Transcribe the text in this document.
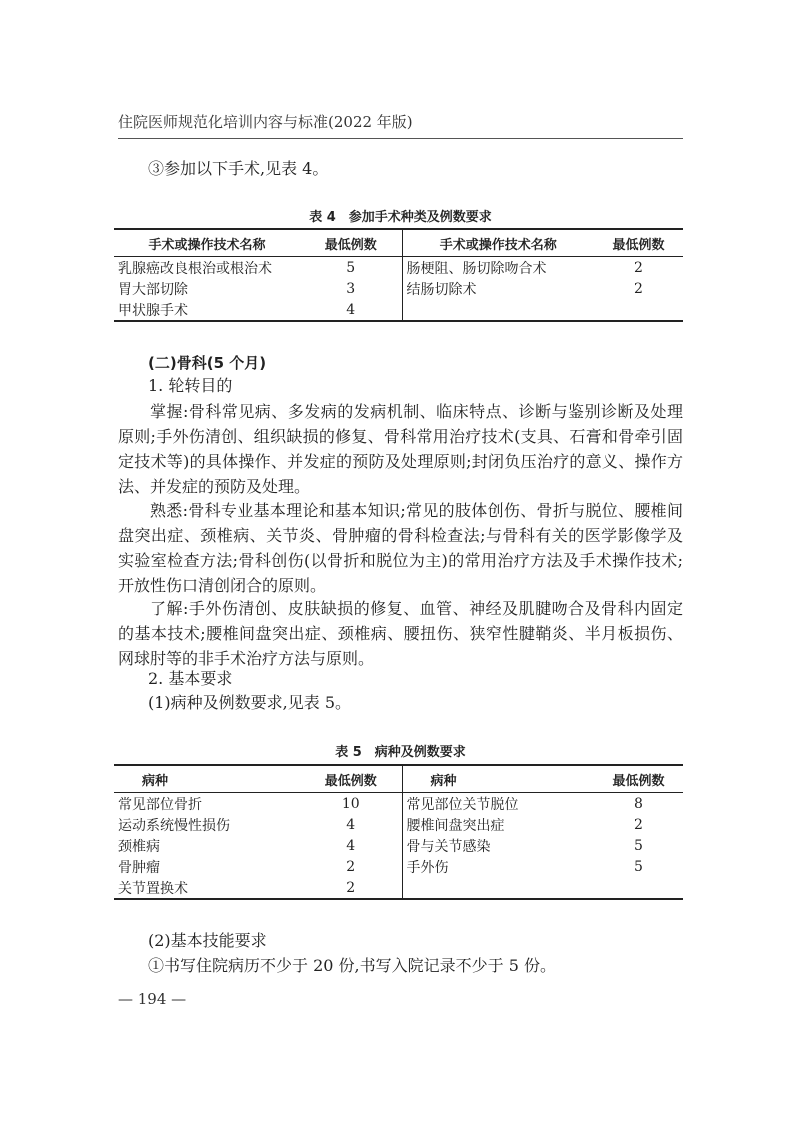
住院医师规范化培训内容与标准(2022 年版)
③参加以下手术,见表 4。
表 4　参加手术种类及例数要求
手术或操作技术名称	最低例数	手术或操作技术名称	最低例数
乳腺癌改良根治或根治术	5	肠梗阻、肠切除吻合术	2
胃大部切除	3	结肠切除术	2
甲状腺手术	4		
(二)骨科(5 个月)
1. 轮转目的
掌握:骨科常见病、多发病的发病机制、临床特点、诊断与鉴别诊断及处理原则;手外伤清创、组织缺损的修复、骨科常用治疗技术(支具、石膏和骨牵引固定技术等)的具体操作、并发症的预防及处理原则;封闭负压治疗的意义、操作方法、并发症的预防及处理。
熟悉:骨科专业基本理论和基本知识;常见的肢体创伤、骨折与脱位、腰椎间盘突出症、颈椎病、关节炎、骨肿瘤的骨科检查法;与骨科有关的医学影像学及实验室检查方法;骨科创伤(以骨折和脱位为主)的常用治疗方法及手术操作技术;开放性伤口清创闭合的原则。
了解:手外伤清创、皮肤缺损的修复、血管、神经及肌腱吻合及骨科内固定的基本技术;腰椎间盘突出症、颈椎病、腰扭伤、狭窄性腱鞘炎、半月板损伤、网球肘等的非手术治疗方法与原则。
2. 基本要求
(1)病种及例数要求,见表 5。
表 5　病种及例数要求
病种	最低例数	病种	最低例数
常见部位骨折	10	常见部位关节脱位	8
运动系统慢性损伤	4	腰椎间盘突出症	2
颈椎病	4	骨与关节感染	5
骨肿瘤	2	手外伤	5
关节置换术	2		
(2)基本技能要求
①书写住院病历不少于 20 份,书写入院记录不少于 5 份。
— 194 —
